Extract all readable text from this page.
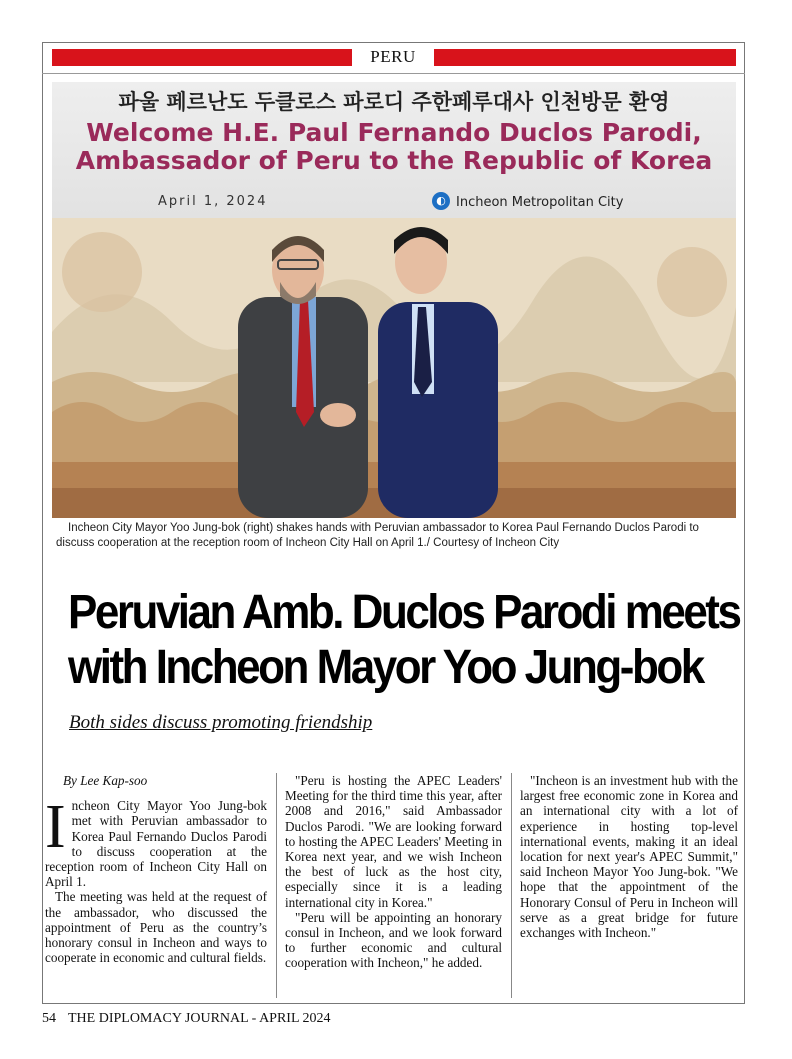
PERU
파울 페르난도 두클로스 파로디 주한페루대사 인천방문 환영
Welcome H.E. Paul Fernando Duclos Parodi,
Ambassador of Peru to the Republic of Korea
April 1, 2024	◐ Incheon Metropolitan City
Incheon City Mayor Yoo Jung-bok (right) shakes hands with Peruvian ambassador to Korea Paul Fernando Duclos Parodi to discuss cooperation at the reception room of Incheon City Hall on April 1./ Courtesy of Incheon City
Peruvian Amb. Duclos Parodi meets with Incheon Mayor Yoo Jung-bok
Both sides discuss promoting friendship

By Lee Kap-soo

Incheon City Mayor Yoo Jung-bok met with Peruvian ambassador to Korea Paul Fernando Duclos Parodi to discuss cooperation at the reception room of Incheon City Hall on April 1.

The meeting was held at the request of the ambassador, who discussed the appointment of Peru as the country’s honorary consul in Incheon and ways to cooperate in economic and cultural fields.

"Peru is hosting the APEC Leaders' Meeting for the third time this year, after 2008 and 2016," said Ambassador Duclos Parodi. "We are looking forward to hosting the APEC Leaders' Meeting in Korea next year, and we wish Incheon the best of luck as the host city, especially since it is a leading international city in Korea."

"Peru will be appointing an honorary consul in Incheon, and we look forward to further economic and cultural cooperation with Incheon," he added.

"Incheon is an investment hub with the largest free economic zone in Korea and an international city with a lot of experience in hosting top-level international events, making it an ideal location for next year's APEC Summit," said Incheon Mayor Yoo Jung-bok. "We hope that the appointment of the Honorary Consul of Peru in Incheon will serve as a great bridge for future exchanges with Incheon."

54 THE DIPLOMACY JOURNAL - APRIL 2024
